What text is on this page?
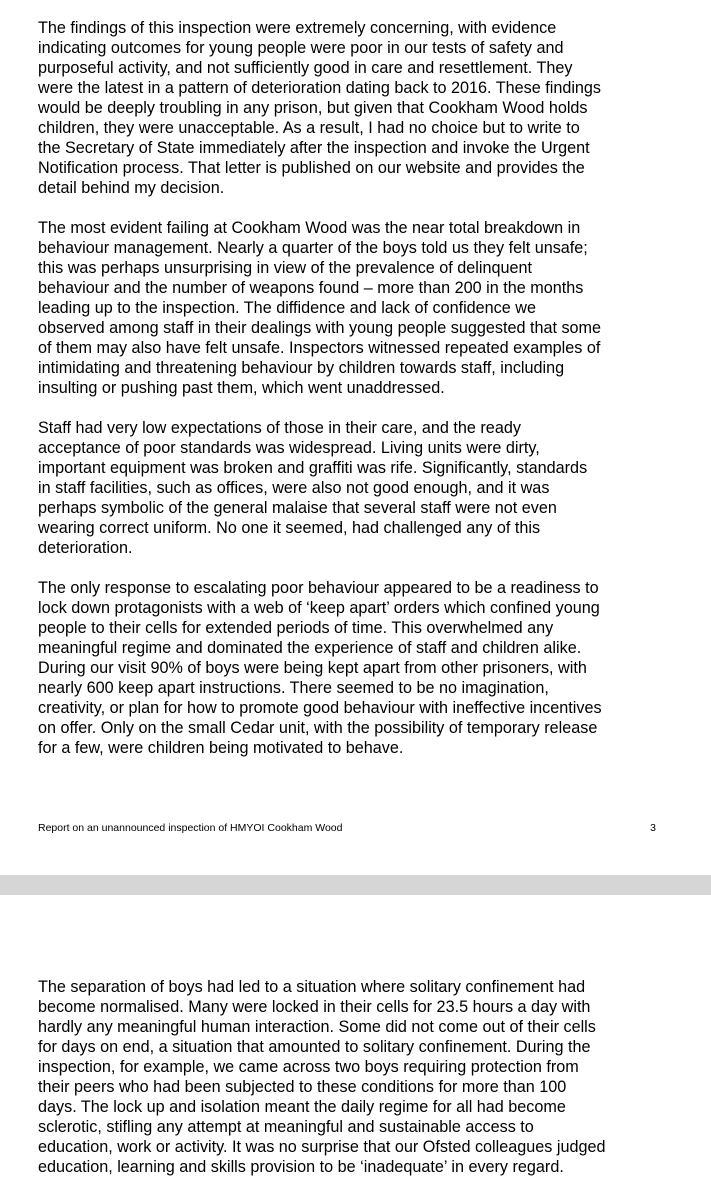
The findings of this inspection were extremely concerning, with evidence
indicating outcomes for young people were poor in our tests of safety and
purposeful activity, and not sufficiently good in care and resettlement. They
were the latest in a pattern of deterioration dating back to 2016. These findings
would be deeply troubling in any prison, but given that Cookham Wood holds
children, they were unacceptable. As a result, I had no choice but to write to
the Secretary of State immediately after the inspection and invoke the Urgent
Notification process. That letter is published on our website and provides the
detail behind my decision.

The most evident failing at Cookham Wood was the near total breakdown in
behaviour management. Nearly a quarter of the boys told us they felt unsafe;
this was perhaps unsurprising in view of the prevalence of delinquent
behaviour and the number of weapons found – more than 200 in the months
leading up to the inspection. The diffidence and lack of confidence we
observed among staff in their dealings with young people suggested that some
of them may also have felt unsafe. Inspectors witnessed repeated examples of
intimidating and threatening behaviour by children towards staff, including
insulting or pushing past them, which went unaddressed.

Staff had very low expectations of those in their care, and the ready
acceptance of poor standards was widespread. Living units were dirty,
important equipment was broken and graffiti was rife. Significantly, standards
in staff facilities, such as offices, were also not good enough, and it was
perhaps symbolic of the general malaise that several staff were not even
wearing correct uniform. No one it seemed, had challenged any of this
deterioration.

The only response to escalating poor behaviour appeared to be a readiness to
lock down protagonists with a web of ‘keep apart’ orders which confined young
people to their cells for extended periods of time. This overwhelmed any
meaningful regime and dominated the experience of staff and children alike.
During our visit 90% of boys were being kept apart from other prisoners, with
nearly 600 keep apart instructions. There seemed to be no imagination,
creativity, or plan for how to promote good behaviour with ineffective incentives
on offer. Only on the small Cedar unit, with the possibility of temporary release
for a few, were children being motivated to behave.

Report on an unannounced inspection of HMYOI Cookham Wood	3

The separation of boys had led to a situation where solitary confinement had
become normalised. Many were locked in their cells for 23.5 hours a day with
hardly any meaningful human interaction. Some did not come out of their cells
for days on end, a situation that amounted to solitary confinement. During the
inspection, for example, we came across two boys requiring protection from
their peers who had been subjected to these conditions for more than 100
days. The lock up and isolation meant the daily regime for all had become
sclerotic, stifling any attempt at meaningful and sustainable access to
education, work or activity. It was no surprise that our Ofsted colleagues judged
education, learning and skills provision to be ‘inadequate’ in every regard.
